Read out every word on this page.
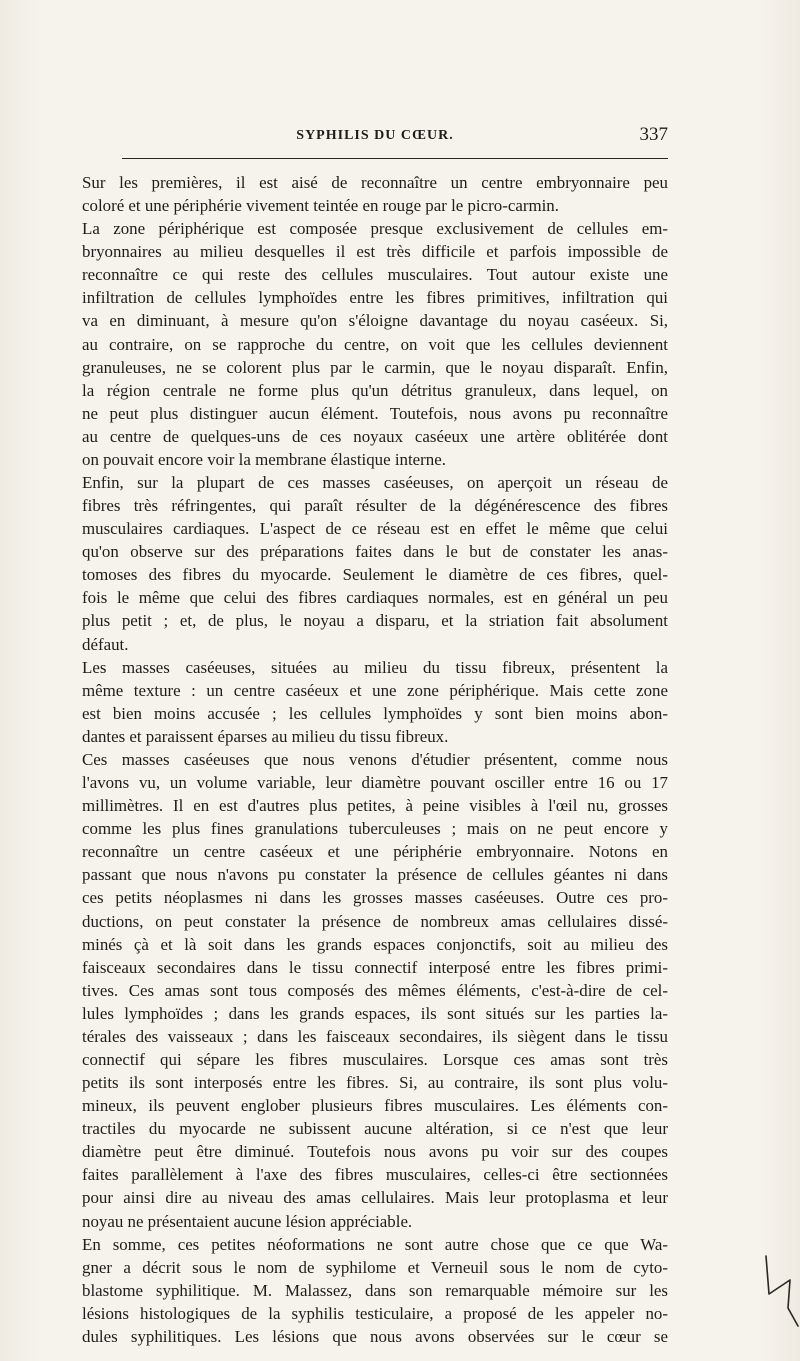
SYPHILIS DU CŒUR.	337
Sur les premières, il est aisé de reconnaître un centre embryonnaire peu
coloré et une périphérie vivement teintée en rouge par le picro-carmin.
La zone périphérique est composée presque exclusivement de cellules em-
bryonnaires au milieu desquelles il est très difficile et parfois impossible de
reconnaître ce qui reste des cellules musculaires. Tout autour existe une
infiltration de cellules lymphoïdes entre les fibres primitives, infiltration qui
va en diminuant, à mesure qu'on s'éloigne davantage du noyau caséeux. Si,
au contraire, on se rapproche du centre, on voit que les cellules deviennent
granuleuses, ne se colorent plus par le carmin, que le noyau disparaît. Enfin,
la région centrale ne forme plus qu'un détritus granuleux, dans lequel, on
ne peut plus distinguer aucun élément. Toutefois, nous avons pu reconnaître
au centre de quelques-uns de ces noyaux caséeux une artère oblitérée dont
on pouvait encore voir la membrane élastique interne.
Enfin, sur la plupart de ces masses caséeuses, on aperçoit un réseau de
fibres très réfringentes, qui paraît résulter de la dégénérescence des fibres
musculaires cardiaques. L'aspect de ce réseau est en effet le même que celui
qu'on observe sur des préparations faites dans le but de constater les anas-
tomoses des fibres du myocarde. Seulement le diamètre de ces fibres, quel-
fois le même que celui des fibres cardiaques normales, est en général un peu
plus petit ; et, de plus, le noyau a disparu, et la striation fait absolument
défaut.
Les masses caséeuses, situées au milieu du tissu fibreux, présentent la
même texture : un centre caséeux et une zone périphérique. Mais cette zone
est bien moins accusée ; les cellules lymphoïdes y sont bien moins abon-
dantes et paraissent éparses au milieu du tissu fibreux.
Ces masses caséeuses que nous venons d'étudier présentent, comme nous
l'avons vu, un volume variable, leur diamètre pouvant osciller entre 16 ou 17
millimètres. Il en est d'autres plus petites, à peine visibles à l'œil nu, grosses
comme les plus fines granulations tuberculeuses ; mais on ne peut encore y
reconnaître un centre caséeux et une périphérie embryonnaire. Notons en
passant que nous n'avons pu constater la présence de cellules géantes ni dans
ces petits néoplasmes ni dans les grosses masses caséeuses. Outre ces pro-
ductions, on peut constater la présence de nombreux amas cellulaires dissé-
minés çà et là soit dans les grands espaces conjonctifs, soit au milieu des
faisceaux secondaires dans le tissu connectif interposé entre les fibres primi-
tives. Ces amas sont tous composés des mêmes éléments, c'est-à-dire de cel-
lules lymphoïdes ; dans les grands espaces, ils sont situés sur les parties la-
térales des vaisseaux ; dans les faisceaux secondaires, ils siègent dans le tissu
connectif qui sépare les fibres musculaires. Lorsque ces amas sont très
petits ils sont interposés entre les fibres. Si, au contraire, ils sont plus volu-
mineux, ils peuvent englober plusieurs fibres musculaires. Les éléments con-
tractiles du myocarde ne subissent aucune altération, si ce n'est que leur
diamètre peut être diminué. Toutefois nous avons pu voir sur des coupes
faites parallèlement à l'axe des fibres musculaires, celles-ci être sectionnées
pour ainsi dire au niveau des amas cellulaires. Mais leur protoplasma et leur
noyau ne présentaient aucune lésion appréciable.
En somme, ces petites néoformations ne sont autre chose que ce que Wa-
gner a décrit sous le nom de syphilome et Verneuil sous le nom de cyto-
blastome syphilitique. M. Malassez, dans son remarquable mémoire sur les
lésions histologiques de la syphilis testiculaire, a proposé de les appeler no-
dules syphilitiques. Les lésions que nous avons observées sur le cœur se
